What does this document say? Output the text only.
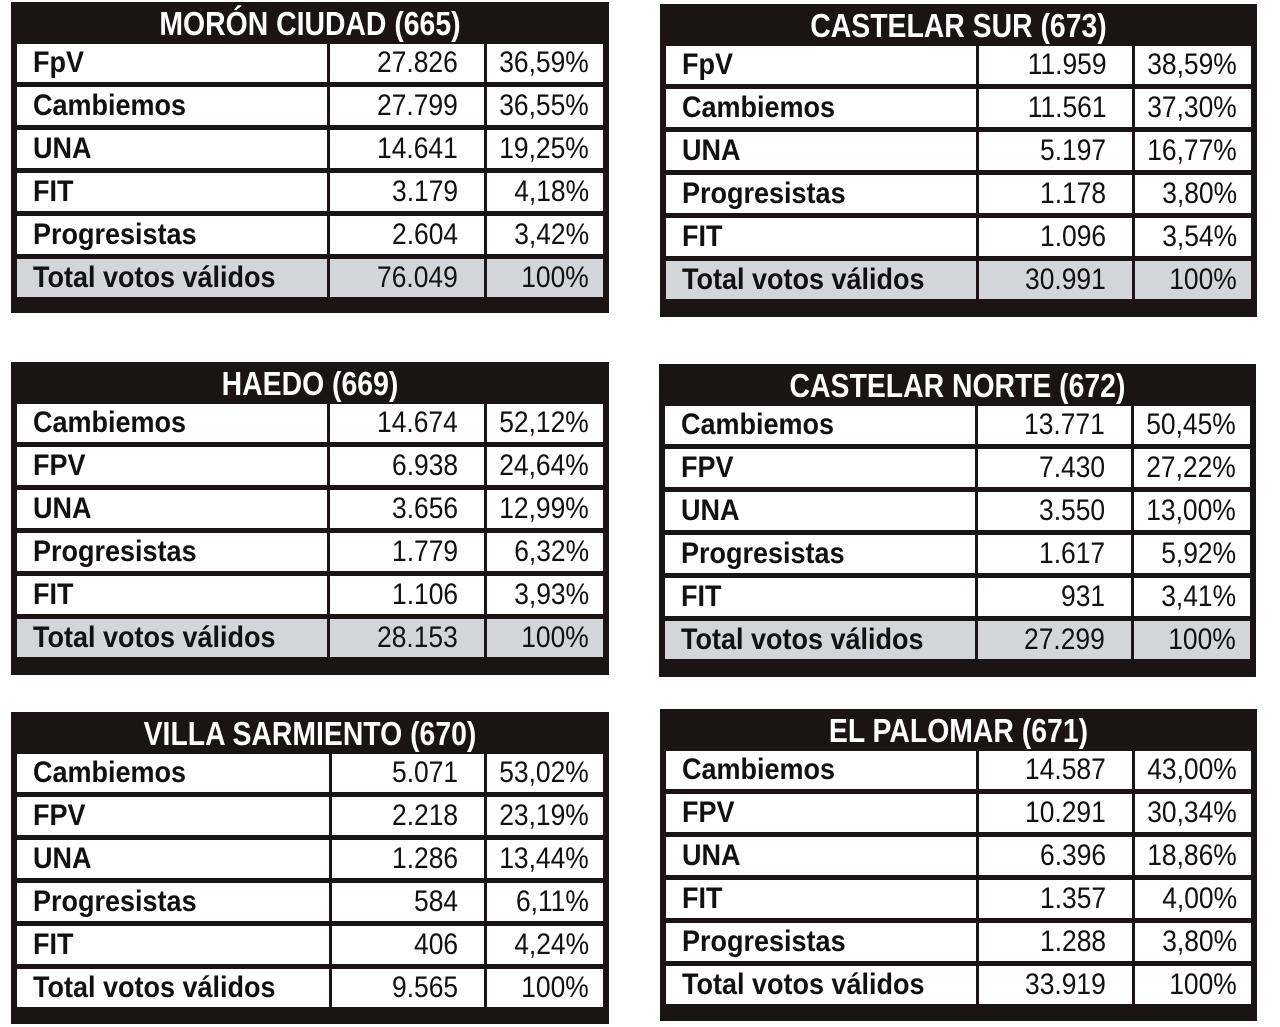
MORÓN CIUDAD (665)
FpV	27.826	36,59%
Cambiemos	27.799	36,55%
UNA	14.641	19,25%
FIT	3.179	4,18%
Progresistas	2.604	3,42%
Total votos válidos	76.049	100%
CASTELAR SUR (673)
FpV	11.959	38,59%
Cambiemos	11.561	37,30%
UNA	5.197	16,77%
Progresistas	1.178	3,80%
FIT	1.096	3,54%
Total votos válidos	30.991	100%
HAEDO (669)
Cambiemos	14.674	52,12%
FPV	6.938	24,64%
UNA	3.656	12,99%
Progresistas	1.779	6,32%
FIT	1.106	3,93%
Total votos válidos	28.153	100%
CASTELAR NORTE (672)
Cambiemos	13.771	50,45%
FPV	7.430	27,22%
UNA	3.550	13,00%
Progresistas	1.617	5,92%
FIT	931	3,41%
Total votos válidos	27.299	100%
VILLA SARMIENTO (670)
Cambiemos	5.071	53,02%
FPV	2.218	23,19%
UNA	1.286	13,44%
Progresistas	584	6,11%
FIT	406	4,24%
Total votos válidos	9.565	100%
EL PALOMAR (671)
Cambiemos	14.587	43,00%
FPV	10.291	30,34%
UNA	6.396	18,86%
FIT	1.357	4,00%
Progresistas	1.288	3,80%
Total votos válidos	33.919	100%
